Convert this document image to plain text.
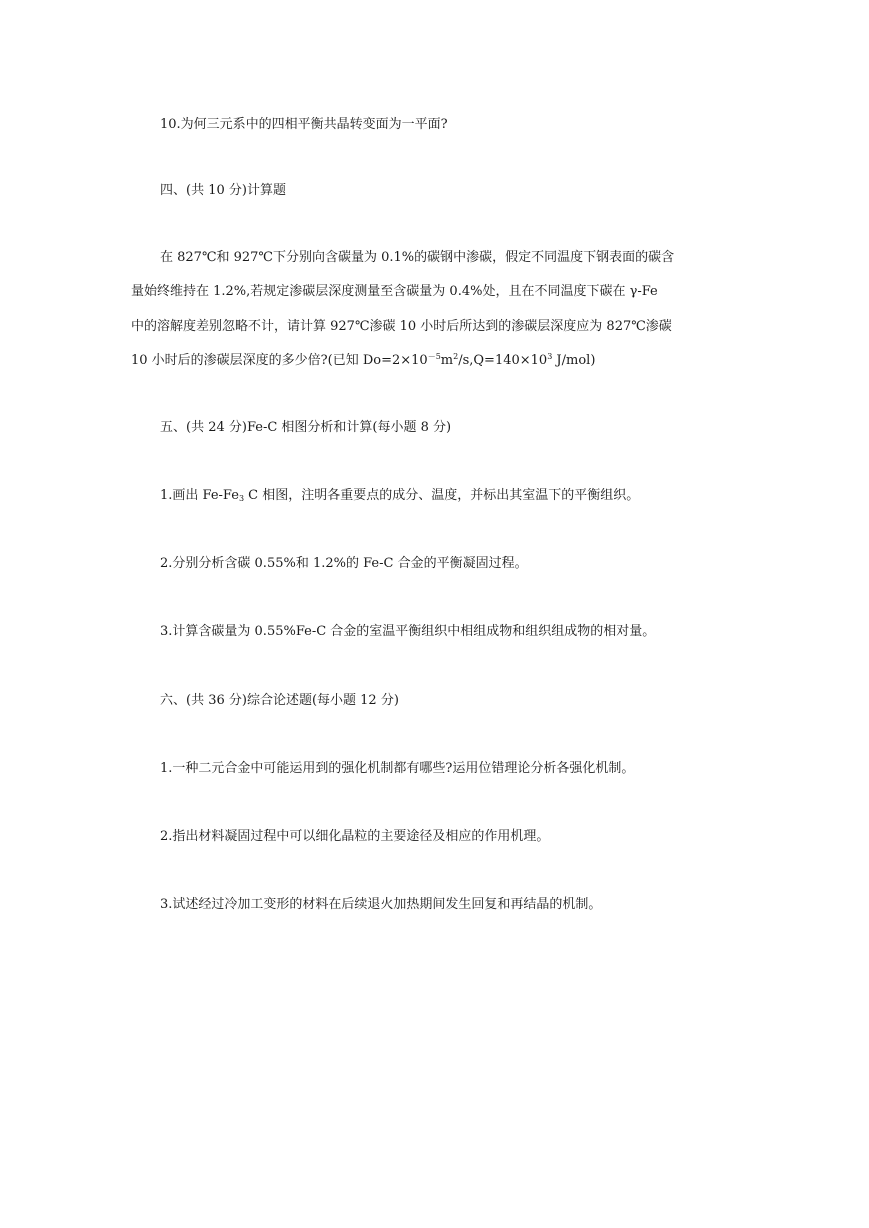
10.为何三元系中的四相平衡共晶转变面为一平面?
四、(共 10 分)计算题
在 827℃和 927℃下分别向含碳量为 0.1%的碳钢中渗碳，假定不同温度下钢表面的碳含
量始终维持在 1.2%,若规定渗碳层深度测量至含碳量为 0.4%处，且在不同温度下碳在 γ-Fe
中的溶解度差别忽略不计，请计算 927℃渗碳 10 小时后所达到的渗碳层深度应为 827℃渗碳
10 小时后的渗碳层深度的多少倍?(已知 $Do=2\times 10^{-5}m^2/s,Q=140\times 10^3$ J/mol)
五、(共 24 分)Fe-C 相图分析和计算(每小题 8 分)
1.画出 $Fe-Fe_3$ C 相图，注明各重要点的成分、温度，并标出其室温下的平衡组织。
2.分别分析含碳 0.55%和 1.2%的 Fe-C 合金的平衡凝固过程。
3.计算含碳量为 0.55%Fe-C 合金的室温平衡组织中相组成物和组织组成物的相对量。
六、(共 36 分)综合论述题(每小题 12 分)
1.一种二元合金中可能运用到的强化机制都有哪些?运用位错理论分析各强化机制。
2.指出材料凝固过程中可以细化晶粒的主要途径及相应的作用机理。
3.试述经过冷加工变形的材料在后续退火加热期间发生回复和再结晶的机制。
